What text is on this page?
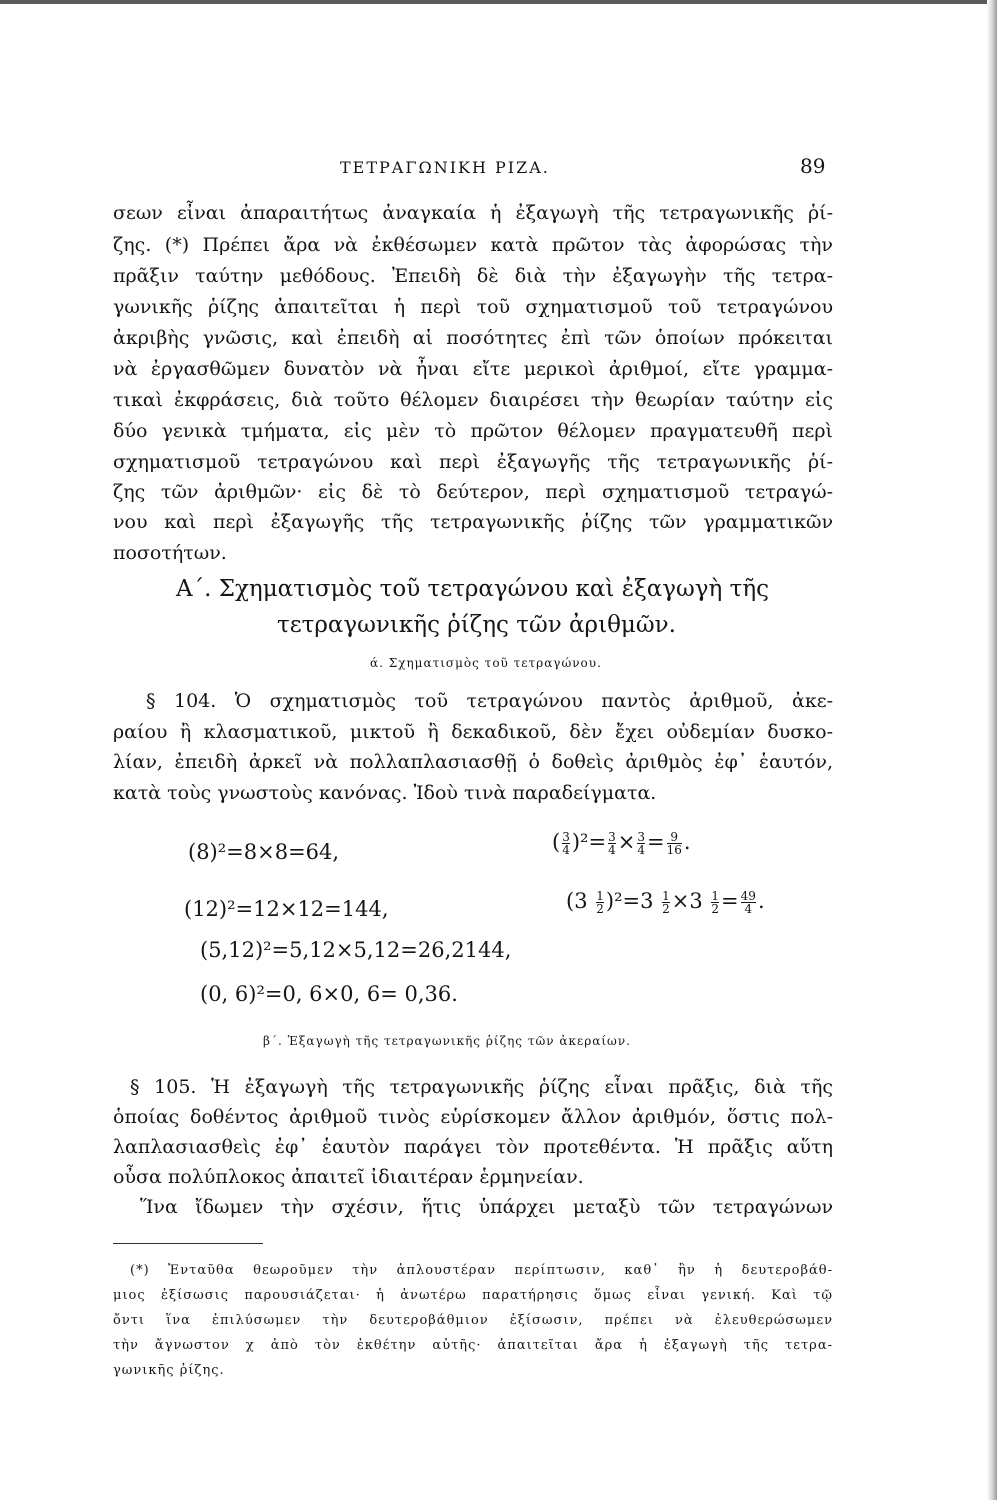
ΤΕΤΡΑΓΩΝΙΚΗ ΡΙΖΑ.	89
σεων εἶναι ἀπαραιτήτως ἀναγκαία ἡ ἐξαγωγὴ τῆς τετραγωνικῆς ῥί-
ζης. (*) Πρέπει ἄρα νὰ ἐκθέσωμεν κατὰ πρῶτον τὰς ἀφορώσας τὴν
πρᾶξιν ταύτην μεθόδους. Ἐπειδὴ δὲ διὰ τὴν ἐξαγωγὴν τῆς τετρα-
γωνικῆς ῥίζης ἀπαιτεῖται ἡ περὶ τοῦ σχηματισμοῦ τοῦ τετραγώνου
ἀκριβὴς γνῶσις, καὶ ἐπειδὴ αἱ ποσότητες ἐπὶ τῶν ὁποίων πρόκειται
νὰ ἐργασθῶμεν δυνατὸν νὰ ἦναι εἴτε μερικοὶ ἀριθμοί, εἴτε γραμμα-
τικαὶ ἐκφράσεις, διὰ τοῦτο θέλομεν διαιρέσει τὴν θεωρίαν ταύτην εἰς
δύο γενικὰ τμήματα, εἰς μὲν τὸ πρῶτον θέλομεν πραγματευθῆ περὶ
σχηματισμοῦ τετραγώνου καὶ περὶ ἐξαγωγῆς τῆς τετραγωνικῆς ῥί-
ζης τῶν ἀριθμῶν· εἰς δὲ τὸ δεύτερον, περὶ σχηματισμοῦ τετραγώ-
νου καὶ περὶ ἐξαγωγῆς τῆς τετραγωνικῆς ῥίζης τῶν γραμματικῶν
ποσοτήτων.
Α΄. Σχηματισμὸς τοῦ τετραγώνου καὶ ἐξαγωγὴ τῆς
τετραγωνικῆς ῥίζης τῶν ἀριθμῶν.
ά. Σχηματισμὸς τοῦ τετραγώνου.
§ 104. Ὁ σχηματισμὸς τοῦ τετραγώνου παντὸς ἀριθμοῦ, ἀκε-
ραίου ἢ κλασματικοῦ, μικτοῦ ἢ δεκαδικοῦ, δὲν ἔχει οὐδεμίαν δυσκο-
λίαν, ἐπειδὴ ἀρκεῖ νὰ πολλαπλασιασθῇ ὁ δοθεὶς ἀριθμὸς ἐφ᾽ ἑαυτόν,
κατὰ τοὺς γνωστοὺς κανόνας. Ἰδοὺ τινὰ παραδείγματα.
(8)²=8×8=64,	( $\frac{3}{4} )^2= \frac{3}{4} \times \frac{3}{4} = \frac{9}{16}$ .
(12)²=12×12=144,	$(3 \frac{1}{2} )^2=3 \frac{1}{2} \times 3 \frac{1}{2} = \frac{49}{4}$ .
(5,12)²=5,12×5,12=26,2144,
(0, 6)²=0, 6×0, 6= 0,36.
β΄. Ἐξαγωγὴ τῆς τετραγωνικῆς ῥίζης τῶν ἀκεραίων.
§ 105. Ἡ ἐξαγωγὴ τῆς τετραγωνικῆς ῥίζης εἶναι πρᾶξις, διὰ τῆς
ὁποίας δοθέντος ἀριθμοῦ τινὸς εὑρίσκομεν ἄλλον ἀριθμόν, ὅστις πολ-
λαπλασιασθεὶς ἐφ᾽ ἑαυτὸν παράγει τὸν προτεθέντα. Ἡ πρᾶξις αὕτη
οὖσα πολύπλοκος ἀπαιτεῖ ἰδιαιτέραν ἑρμηνείαν.
Ἵνα ἴδωμεν τὴν σχέσιν, ἥτις ὑπάρχει μεταξὺ τῶν τετραγώνων
(*) Ἐνταῦθα θεωροῦμεν τὴν ἁπλουστέραν περίπτωσιν, καθ᾽ ἣν ἡ δευτεροβάθ-
μιος ἐξίσωσις παρουσιάζεται· ἡ ἀνωτέρω παρατήρησις ὅμως εἶναι γενική. Καὶ τῷ
ὄντι ἵνα ἐπιλύσωμεν τὴν δευτεροβάθμιον ἐξίσωσιν, πρέπει νὰ ἐλευθερώσωμεν
τὴν ἄγνωστον χ ἀπὸ τὸν ἐκθέτην αὐτῆς· ἀπαιτεῖται ἄρα ἡ ἐξαγωγὴ τῆς τετρα-
γωνικῆς ῥίζης.
